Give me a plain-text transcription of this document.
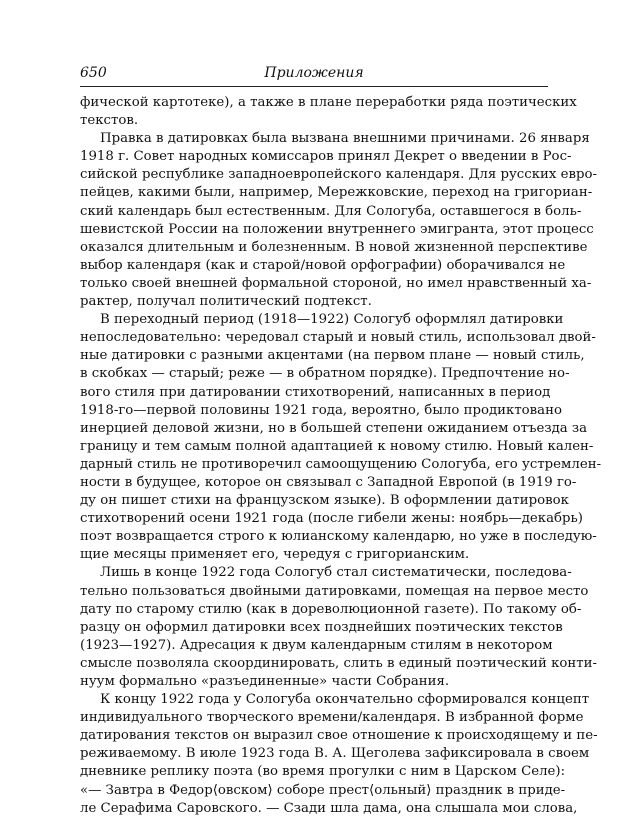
650	Приложения
фической картотеке), а также в плане переработки ряда поэтических
текстов.
Правка в датировках была вызвана внешними причинами. 26 января
1918 г. Совет народных комиссаров принял Декрет о введении в Рос-
сийской республике западноевропейского календаря. Для русских евро-
пейцев, какими были, например, Мережковские, переход на григориан-
ский календарь был естественным. Для Сологуба, оставшегося в боль-
шевистской России на положении внутреннего эмигранта, этот процесс
оказался длительным и болезненным. В новой жизненной перспективе
выбор календаря (как и старой/новой орфографии) оборачивался не
только своей внешней формальной стороной, но имел нравственный ха-
рактер, получал политический подтекст.
В переходный период (1918—1922) Сологуб оформлял датировки
непоследовательно: чередовал старый и новый стиль, использовал двой-
ные датировки с разными акцентами (на первом плане — новый стиль,
в скобках — старый; реже — в обратном порядке). Предпочтение но-
вого стиля при датировании стихотворений, написанных в период
1918-го—первой половины 1921 года, вероятно, было продиктовано
инерцией деловой жизни, но в большей степени ожиданием отъезда за
границу и тем самым полной адаптацией к новому стилю. Новый кален-
дарный стиль не противоречил самоощущению Сологуба, его устремлен-
ности в будущее, которое он связывал с Западной Европой (в 1919 го-
ду он пишет стихи на французском языке). В оформлении датировок
стихотворений осени 1921 года (после гибели жены: ноябрь—декабрь)
поэт возвращается строго к юлианскому календарю, но уже в последую-
щие месяцы применяет его, чередуя с григорианским.
Лишь в конце 1922 года Сологуб стал систематически, последова-
тельно пользоваться двойными датировками, помещая на первое место
дату по старому стилю (как в дореволюционной газете). По такому об-
разцу он оформил датировки всех позднейших поэтических текстов
(1923—1927). Адресация к двум календарным стилям в некотором
смысле позволяла скоординировать, слить в единый поэтический конти-
нуум формально «разъединенные» части Собрания.
К концу 1922 года у Сологуба окончательно сформировался концепт
индивидуального творческого времени/календаря. В избранной форме
датирования текстов он выразил свое отношение к происходящему и пе-
реживаемому. В июле 1923 года В. А. Щеголева зафиксировала в своем
дневнике реплику поэта (во время прогулки с ним в Царском Селе):
«— Завтра в Федор⟨овском⟩ соборе прест⟨ольный⟩ праздник в приде-
ле Серафима Саровского. — Сзади шла дама, она слышала мои слова,
